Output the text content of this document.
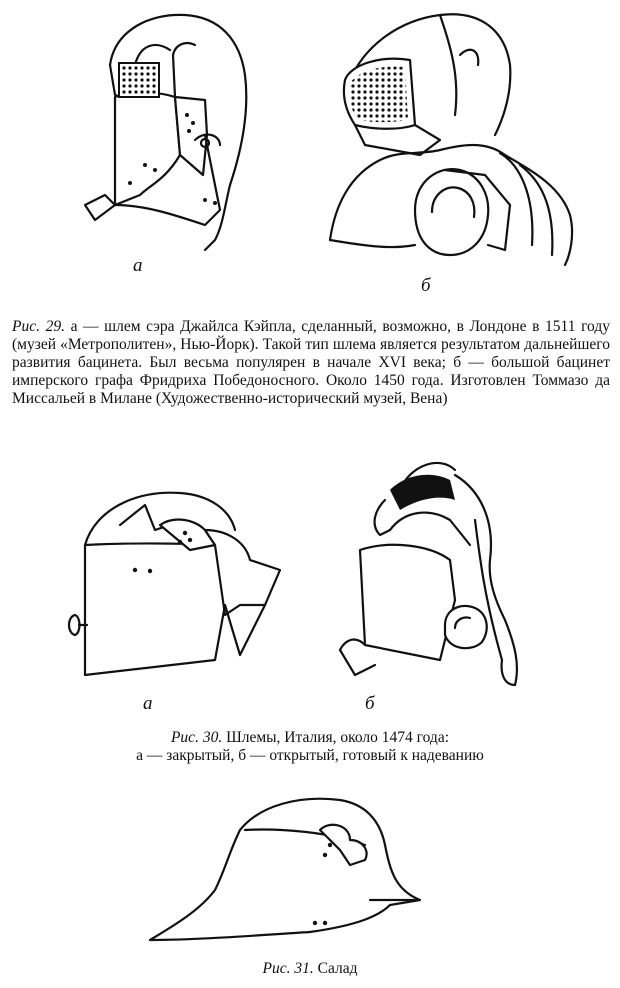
а
б
Рис. 29. а — шлем сэра Джайлса Кэйпла, сделанный, возможно, в Лондоне в 1511 году (музей «Метрополитен», Нью-Йорк). Такой тип шлема является результатом дальнейшего развития бацинета. Был весьма популярен в начале XVI века; б — большой бацинет имперского графа Фридриха Победоносного. Около 1450 года. Изготовлен Томмазо да Миссальей в Милане (Художественно-исторический музей, Вена)
а	б
Рис. 30. Шлемы, Италия, около 1474 года:
а — закрытый, б — открытый, готовый к надеванию
Рис. 31. Салад
